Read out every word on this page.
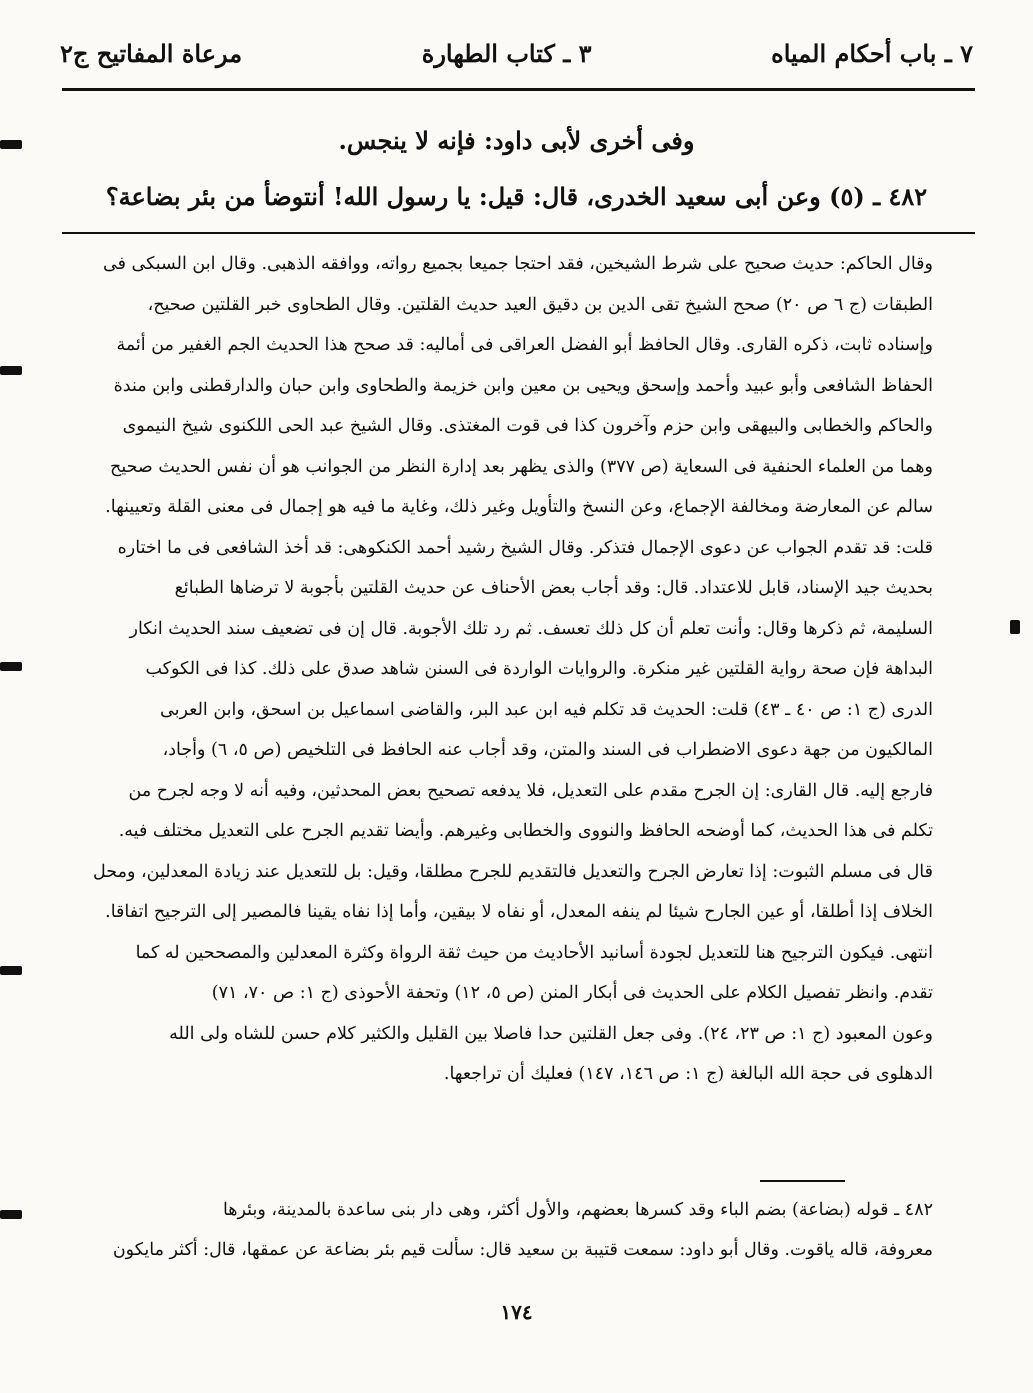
مرعاة المفاتيح ج٢	٣ ـ كتاب الطهارة	٧ ـ باب أحكام المياه
وفى أخرى لأبى داود: فإنه لا ينجس.
٤٨٢ ـ (٥) وعن أبى سعيد الخدرى، قال: قيل: يا رسول الله! أنتوضأ من بئر بضاعة؟
وقال الحاكم: حديث صحيح على شرط الشيخين، فقد احتجا جميعا بجميع رواته، ووافقه الذهبى. وقال ابن السبكى فى
الطبقات (ج ٦ ص ٢٠) صحح الشيخ تقى الدين بن دقيق العيد حديث القلتين. وقال الطحاوى خبر القلتين صحيح،
وإسناده ثابت، ذكره القارى. وقال الحافظ أبو الفضل العراقى فى أماليه: قد صحح هذا الحديث الجم الغفير من أئمة
الحفاظ الشافعى وأبو عبيد وأحمد وإسحق ويحيى بن معين وابن خزيمة والطحاوى وابن حبان والدارقطنى وابن مندة
والحاكم والخطابى والبيهقى وابن حزم وآخرون كذا فى قوت المغتذى. وقال الشيخ عبد الحى اللكنوى شيخ النيموى
وهما من العلماء الحنفية فى السعاية (ص ٣٧٧) والذى يظهر بعد إدارة النظر من الجوانب هو أن نفس الحديث صحيح
سالم عن المعارضة ومخالفة الإجماع، وعن النسخ والتأويل وغير ذلك، وغاية ما فيه هو إجمال فى معنى القلة وتعيينها.
قلت: قد تقدم الجواب عن دعوى الإجمال فتذكر. وقال الشيخ رشيد أحمد الكنكوهى: قد أخذ الشافعى فى ما اختاره
بحديث جيد الإسناد، قابل للاعتداد. قال: وقد أجاب بعض الأحناف عن حديث القلتين بأجوبة لا ترضاها الطبائع
السليمة، ثم ذكرها وقال: وأنت تعلم أن كل ذلك تعسف. ثم رد تلك الأجوبة. قال إن فى تضعيف سند الحديث انكار
البداهة فإن صحة رواية القلتين غير منكرة. والروايات الواردة فى السنن شاهد صدق على ذلك. كذا فى الكوكب
الدرى (ج ١: ص ٤٠ ـ ٤٣) قلت: الحديث قد تكلم فيه ابن عبد البر، والقاضى اسماعيل بن اسحق، وابن العربى
المالكيون من جهة دعوى الاضطراب فى السند والمتن، وقد أجاب عنه الحافظ فى التلخيص (ص ٥، ٦) وأجاد،
فارجع إليه. قال القارى: إن الجرح مقدم على التعديل، فلا يدفعه تصحيح بعض المحدثين، وفيه أنه لا وجه لجرح من
تكلم فى هذا الحديث، كما أوضحه الحافظ والنووى والخطابى وغيرهم. وأيضا تقديم الجرح على التعديل مختلف فيه.
قال فى مسلم الثبوت: إذا تعارض الجرح والتعديل فالتقديم للجرح مطلقا، وقيل: بل للتعديل عند زيادة المعدلين، ومحل
الخلاف إذا أطلقا، أو عين الجارح شيئا لم ينفه المعدل، أو نفاه لا بيقين، وأما إذا نفاه يقينا فالمصير إلى الترجيح اتفاقا.
انتهى. فيكون الترجيح هنا للتعديل لجودة أسانيد الأحاديث من حيث ثقة الرواة وكثرة المعدلين والمصححين له كما
تقدم. وانظر تفصيل الكلام على الحديث فى أبكار المنن (ص ٥، ١٢) وتحفة الأحوذى (ج ١: ص ٧٠، ٧١)
وعون المعبود (ج ١: ص ٢٣، ٢٤). وفى جعل القلتين حدا فاصلا بين القليل والكثير كلام حسن للشاه ولى الله
الدهلوى فى حجة الله البالغة (ج ١: ص ١٤٦، ١٤٧) فعليك أن تراجعها.
٤٨٢ ـ قوله (بضاعة) بضم الباء وقد كسرها بعضهم، والأول أكثر، وهى دار بنى ساعدة بالمدينة، وبئرها
معروفة، قاله ياقوت. وقال أبو داود: سمعت قتيبة بن سعيد قال: سألت قيم بئر بضاعة عن عمقها، قال: أكثر مايكون
١٧٤
